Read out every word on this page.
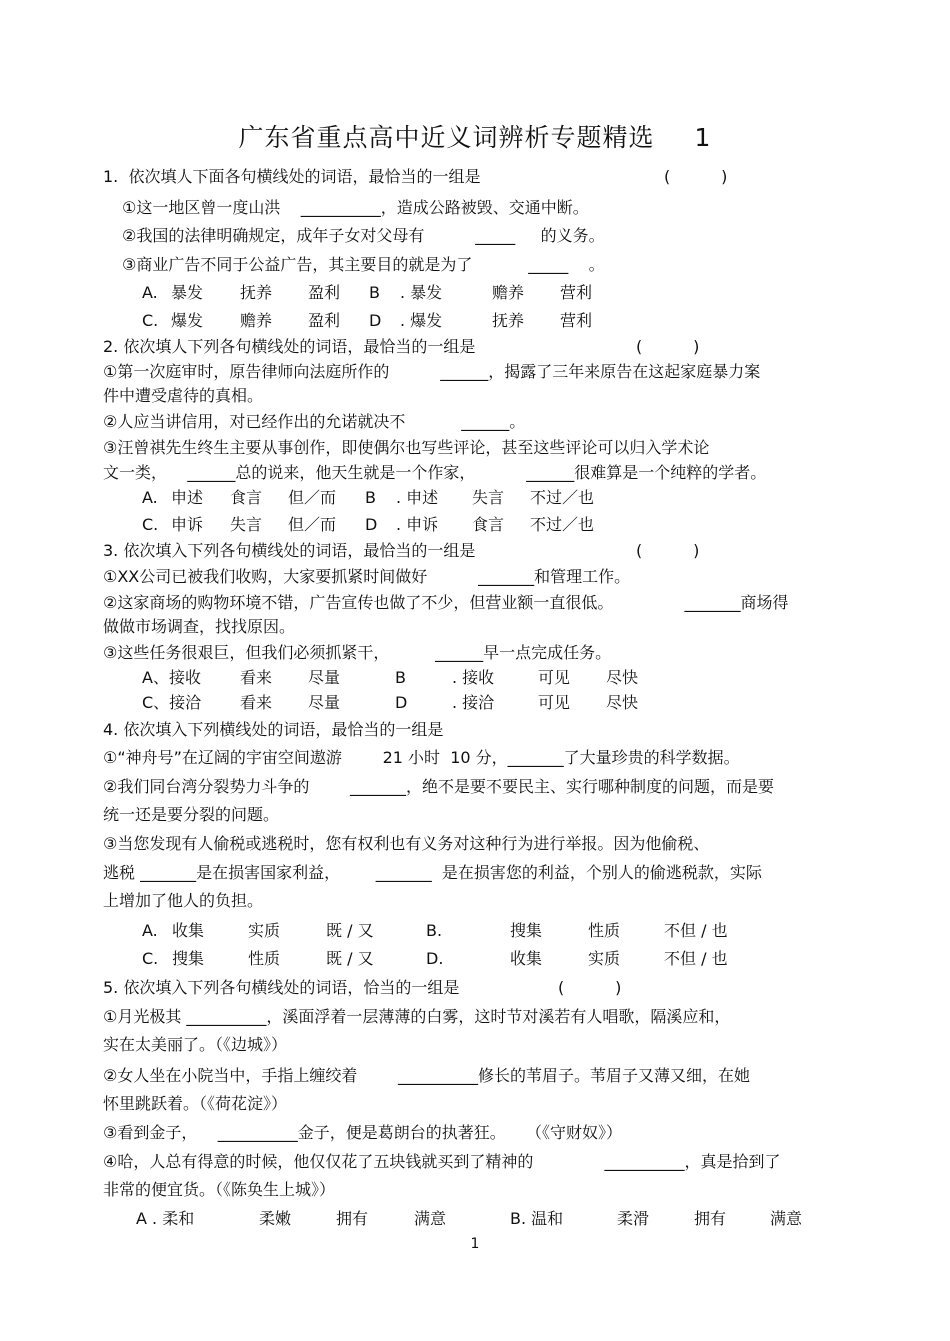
广东省重点高中近义词辨析专题精选 1
1.  依次填人下面各句横线处的词语，最恰当的一组是	(          )
①这一地区曾一度山洪    __________，造成公路被毁、交通中断。
②我国的法律明确规定，成年子女对父母有          _____     的义务。
③商业广告不同于公益广告，其主要目的就是为了           _____    。
A. 暴发 抚养 盈利 B . 暴发	赡养 营利
C. 爆发 赡养 盈利 D . 爆发	抚养 营利
2. 依次填人下列各句横线处的词语，最恰当的一组是	(          )
①第一次庭审时，原告律师向法庭所作的          ______，揭露了三年来原告在这起家庭暴力案
件中遭受虐待的真相。
②人应当讲信用，对已经作出的允诺就决不           ______。
③汪曾祺先生终生主要从事创作，即使偶尔也写些评论，甚至这些评论可以归入学术论
文一类，    ______总的说来，他天生就是一个作家，          ______很难算是一个纯粹的学者。
A. 申述 食言 但／而 B . 申述 失言 不过／也
C. 申诉 失言 但／而 D . 申诉 食言 不过／也
3. 依次填入下列各句横线处的词语，最恰当的一组是	(          )
①XX公司已被我们收购，大家要抓紧时间做好          _______和管理工作。
②这家商场的购物环境不错，广告宣传也做了不少，但营业额一直很低。              _______商场得
做做市场调查，找找原因。
③这些任务很艰巨，但我们必须抓紧干，         ______早一点完成任务。
A、接收 看来 尽量	B	. 接收	可见 尽快
C、接洽 看来 尽量	D	. 接洽	可见 尽快
4. 依次填入下列横线处的词语，最恰当的一组是
①“神舟号”在辽阔的宇宙空间遨游        21 小时  10 分，_______了大量珍贵的科学数据。
②我们同台湾分裂势力斗争的        _______，绝不是要不要民主、实行哪种制度的问题，而是要
统一还是要分裂的问题。
③当您发现有人偷税或逃税时，您有权利也有义务对这种行为进行举报。因为他偷税、
逃税 _______是在损害国家利益，       _______  是在损害您的利益，个别人的偷逃税款，实际
上增加了他人的负担。
A. 收集	实质	既 / 又	B.	搜集	性质	不但 / 也
C. 搜集	性质	既 / 又	D.	收集	实质	不但 / 也
5. 依次填入下列各句横线处的词语，恰当的一组是	(          )
①月光极其 __________，溪面浮着一层薄薄的白雾，这时节对溪若有人唱歌，隔溪应和，
实在太美丽了。（《边城》）
②女人坐在小院当中，手指上缠绞着        __________修长的苇眉子。苇眉子又薄又细，在她
怀里跳跃着。（《荷花淀》）
③看到金子，    __________金子，便是葛朗台的执著狂。    （《守财奴》）
④哈，人总有得意的时候，他仅仅花了五块钱就买到了精神的              __________，真是拾到了
非常的便宜货。（《陈奂生上城》）
A . 柔和	柔嫩	拥有	满意	B. 温和	柔滑	拥有	满意
1
